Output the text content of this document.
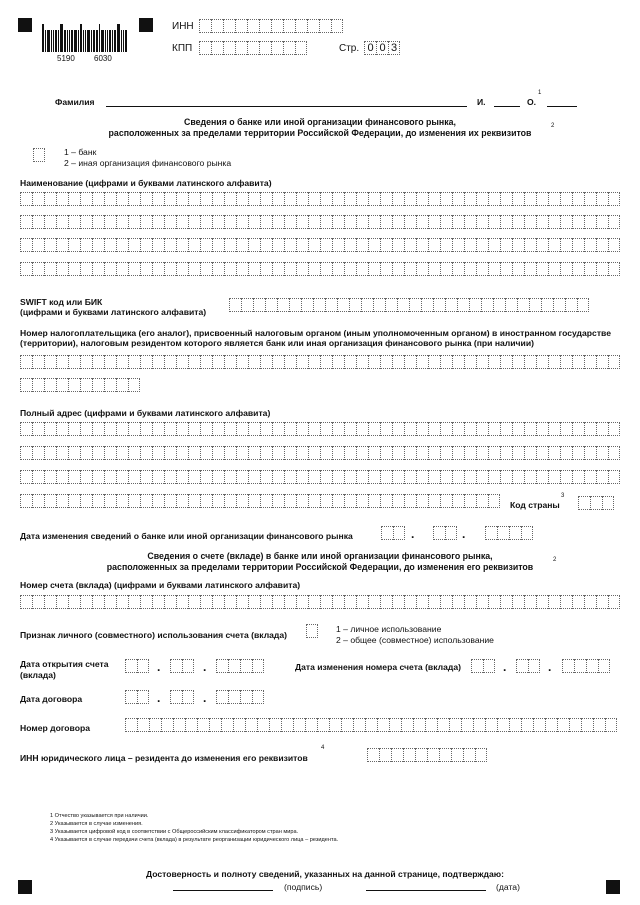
5190 6030
ИНН
КПП	Стр. 0 0 3
Фамилия	И.	О.
1
Сведения о банке или иной организации финансового рынка,
расположенных за пределами территории Российской Федерации, до изменения их реквизитов
2
1 – банк
2 – иная организация финансового рынка
Наименование (цифрами и буквами латинского алфавита)
SWIFT код или БИК
(цифрами и буквами латинского алфавита)
Номер налогоплательщика (его аналог), присвоенный налоговым органом (иным уполномоченным органом) в иностранном государстве
(территории), налоговым резидентом которого является банк или иная организация финансового рынка (при наличии)
Полный адрес (цифрами и буквами латинского алфавита)
Код страны
3
Дата изменения сведений о банке или иной организации финансового рынка	.	.
Сведения о счете (вкладе) в банке или иной организации финансового рынка,
расположенных за пределами территории Российской Федерации, до изменения его реквизитов
2
Номер счета (вклада) (цифрами и буквами латинского алфавита)
Признак личного (совместного) использования счета (вклада)
1 – личное использование
2 – общее (совместное) использование
Дата открытия счета
(вклада)
.	.	Дата изменения номера счета (вклада)	.	.
Дата договора	.	.
Номер договора
ИНН юридического лица – резидента до изменения его реквизитов
4
1 Отчество указывается при наличии.
2 Указывается в случае изменения.
3 Указывается цифровой код в соответствии с Общероссийским классификатором стран мира.
4 Указывается в случае передачи счета (вклада) в результате реорганизации юридического лица – резидента.
Достоверность и полноту сведений, указанных на данной странице, подтверждаю:
(подпись)	(дата)
